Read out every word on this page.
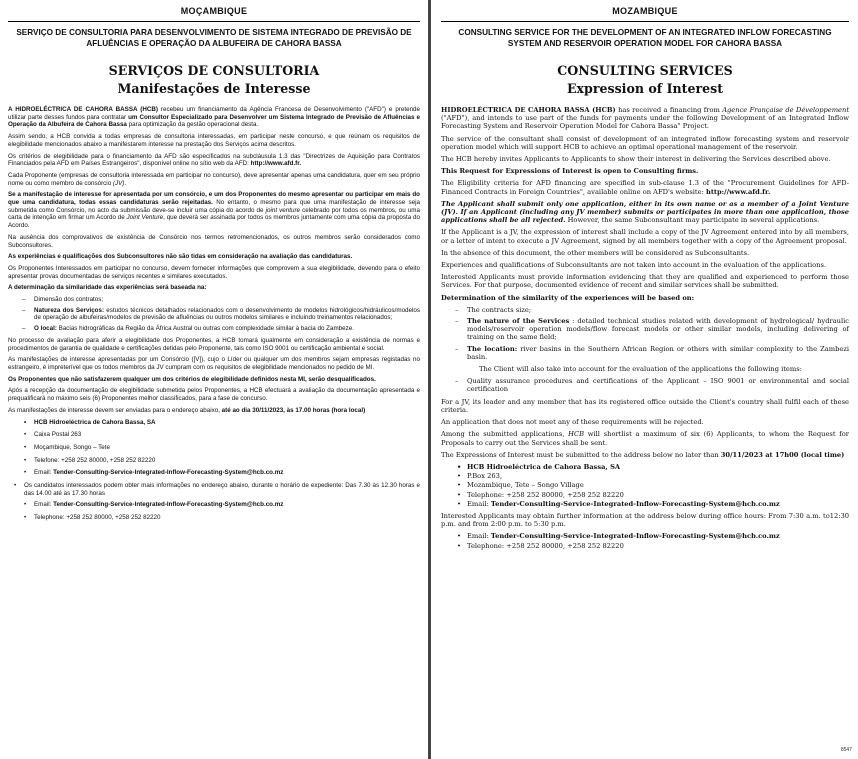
MOÇAMBIQUE
SERVIÇO DE CONSULTORIA PARA DESENVOLVIMENTO DE SISTEMA INTEGRADO DE PREVISÃO DE AFLUÊNCIAS E OPERAÇÃO DA ALBUFEIRA DE CAHORA BASSA
SERVIÇOS DE CONSULTORIA
Manifestações de Interesse

A HIDROELÉCTRICA DE CAHORA BASSA (HCB) recebeu um financiamento da Agência Francesa de Desenvolvimento ("AFD") e pretende utilizar parte desses fundos para contratar um Consultor Especializado para Desenvolver um Sistema Integrado de Previsão de Afluências e Operação da Albufeira de Cahora Bassa para optimização da gestão operacional desta.

Assim sendo, a HCB convida a todas empresas de consultoria interessadas, em participar neste concurso, e que reúnam os requisitos de elegibilidade mencionados abaixo a manifestarem interesse na prestação dos Serviços acima descritos.

Os critérios de elegibilidade para o financiamento da AFD são especificados na subcláusula 1.3 das "Directrizes de Aquisição para Contratos Financiados pela AFD em Países Estrangeiros", disponível online no sítio web da AFD: http://www.afd.fr.

Cada Proponente (empresas de consultoria interessada em participar no concurso), deve apresentar apenas uma candidatura, quer em seu próprio nome ou como membro de consórcio (JV).

Se a manifestação de interesse for apresentada por um consórcio, e um dos Proponentes do mesmo apresentar ou participar em mais do que uma candidatura, todas essas candidaturas serão rejeitadas. No entanto, o mesmo para que uma manifestação de interesse seja submetida como Consórcio, no acto da submissão deve-se incluir uma cópia do acordo de joint venture celebrado por todos os membros, ou uma carta de intenção em firmar um Acordo de Joint Venture, que deverá ser assinada por todos os membros juntamente com uma cópia da proposta do Acordo.

Na ausência dos comprovativos de existência de Consórcio nos termos retromencionados, os outros membros serão considerados como Subconsultores.

As experiências e qualificações dos Subconsultores não são tidas em consideração na avaliação das candidaturas.

Os Proponentes Interessados em participar no concurso, devem fornecer informações que comprovem a sua elegibilidade, devendo para o efeito apresentar provas documentadas de serviços recentes e similares executados.

A determinação da similaridade das experiências será baseada na:

– Dimensão dos contratos;
– Natureza dos Serviços: estudos técnicos detalhados relacionados com o desenvolvimento de modelos hidrológicos/hidráulicos/modelos de operação de albufeiras/modelos de previsão de afluências ou outros modelos similares e incluindo treinamentos relacionados;
– O local: Bacias hidrográficas da Região da África Austral ou outras com complexidade similar à bacia do Zambeze.

No processo de avaliação para aferir a elegibilidade dos Proponentes, a HCB tomará igualmente em consideração a existência de normas e procedimentos de garantia de qualidade e certificações detidas pelo Proponente, tais como ISO 9001 ou certificação ambiental e social.

As manifestações de interesse apresentadas por um Consórcio ([V]), cujo o Líder ou qualquer um dos membros sejam empresas registadas no estrangeiro, é impreterível que os todos membros da JV cumpram com os requisitos de elegibilidade mencionados no pedido de MI.

Os Proponentes que não satisfazerem qualquer um dos critérios de elegibilidade definidos nesta MI, serão desqualificados.

Após a recepção da documentação de elegibilidade submetida pelos Proponentes, a HCB efectuará a avaliação da documentação apresentada e prequalificará no máximo seis (6) Proponentes melhor classificados, para a fase de concurso.

As manifestações de interesse devem ser enviadas para o endereço abaixo, até ao dia 30/11/2023, às 17.00 horas (hora local)

• HCB Hidroeléctrica de Cahora Bassa, SA
• Caixa Postal 263
• Moçambique, Songo – Tete
• Telefone: +258 252 80000, +258 252 82220
• Email: Tender-Consulting-Service-Integrated-Inflow-Forecasting-System@hcb.co.mz
• Os candidatos interessados podem obter mais informações no endereço abaixo, durante o horário de expediente: Das 7.30 às 12.30 horas e das 14.00 até às 17.30 horas
• Email: Tender-Consulting-Service-Integrated-Inflow-Forecasting-System@hcb.co.mz
• Telephone: +258 252 80000, +258 252 82220
MOZAMBIQUE
CONSULTING SERVICE FOR THE DEVELOPMENT OF AN INTEGRATED INFLOW FORECASTING SYSTEM AND RESERVOIR OPERATION MODEL FOR CAHORA BASSA
CONSULTING SERVICES
Expression of Interest

HIDROELÉCTRICA DE CAHORA BASSA (HCB) has received a financing from Agence Française de Développement ("AFD"), and intends to use part of the funds for payments under the following Development of an Integrated Inflow Forecasting System and Reservoir Operation Model for Cahora Bassa" Project.

The service of the consultant shall consist of development of an integrated inflow forecasting system and reservoir operation model which will support HCB to achieve an optimal operational management of the reservoir.

The HCB hereby invites Applicants to Applicants to show their interest in delivering the Services described above.

This Request for Expressions of Interest is open to Consulting firms.

The Eligibility criteria for AFD financing are specified in sub-clause 1.3 of the "Procurement Guidelines for AFD-Financed Contracts in Foreign Countries", available online on AFD's website: http://www.afd.fr.

The Applicant shall submit only one application, either in its own name or as a member of a Joint Venture (JV). If an Applicant (including any JV member) submits or participates in more than one application, those applications shall be all rejected. However, the same Subconsultant may participate in several applications.

If the Applicant is a JV, the expression of interest shall include a copy of the JV Agreement entered into by all members, or a letter of intent to execute a JV Agreement, signed by all members together with a copy of the Agreement proposal.

In the absence of this document, the other members will be considered as Subconsultants.

Experiences and qualifications of Subconsultants are not taken into account in the evaluation of the applications.

Interested Applicants must provide information evidencing that they are qualified and experienced to perform those Services. For that purpose, documented evidence of recent and similar services shall be submitted.

Determination of the similarity of the experiences will be based on:

– The contracts size;
– The nature of the Services : detailed technical studies related with development of hydrological/ hydraulic models/reservoir operation models/flow forecast models or other similar models, including delivering of training on the same field;
– The location: river basins in the Southern African Region or others with similar complexity to the Zambezi basin.

The Client will also take into account for the evaluation of the applications the following items:

– Quality assurance procedures and certifications of the Applicant – ISO 9001 or environmental and social certification

For a JV, its leader and any member that has its registered office outside the Client's country shall fulfil each of these criteria.

An application that does not meet any of these requirements will be rejected.

Among the submitted applications, HCB will shortlist a maximum of six (6) Applicants, to whom the Request for Proposals to carry out the Services shall be sent.

The Expressions of Interest must be submitted to the address below no later than 30/11/2023 at 17h00 (local time)

• HCB Hidroeléctrica de Cahora Bassa, SA
• P.Box 263,
• Mozambique, Tete – Songo Village
• Telephone: +258 252 80000, +258 252 82220
• Email: Tender-Consulting-Service-Integrated-Inflow-Forecasting-System@hcb.co.mz

Interested Applicants may obtain further information at the address below during office hours: From 7:30 a.m. to12:30 p.m. and from 2:00 p.m. to 5:30 p.m.

• Email: Tender-Consulting-Service-Integrated-Inflow-Forecasting-System@hcb.co.mz
• Telephone: +258 252 80000, +258 252 82220
8547
